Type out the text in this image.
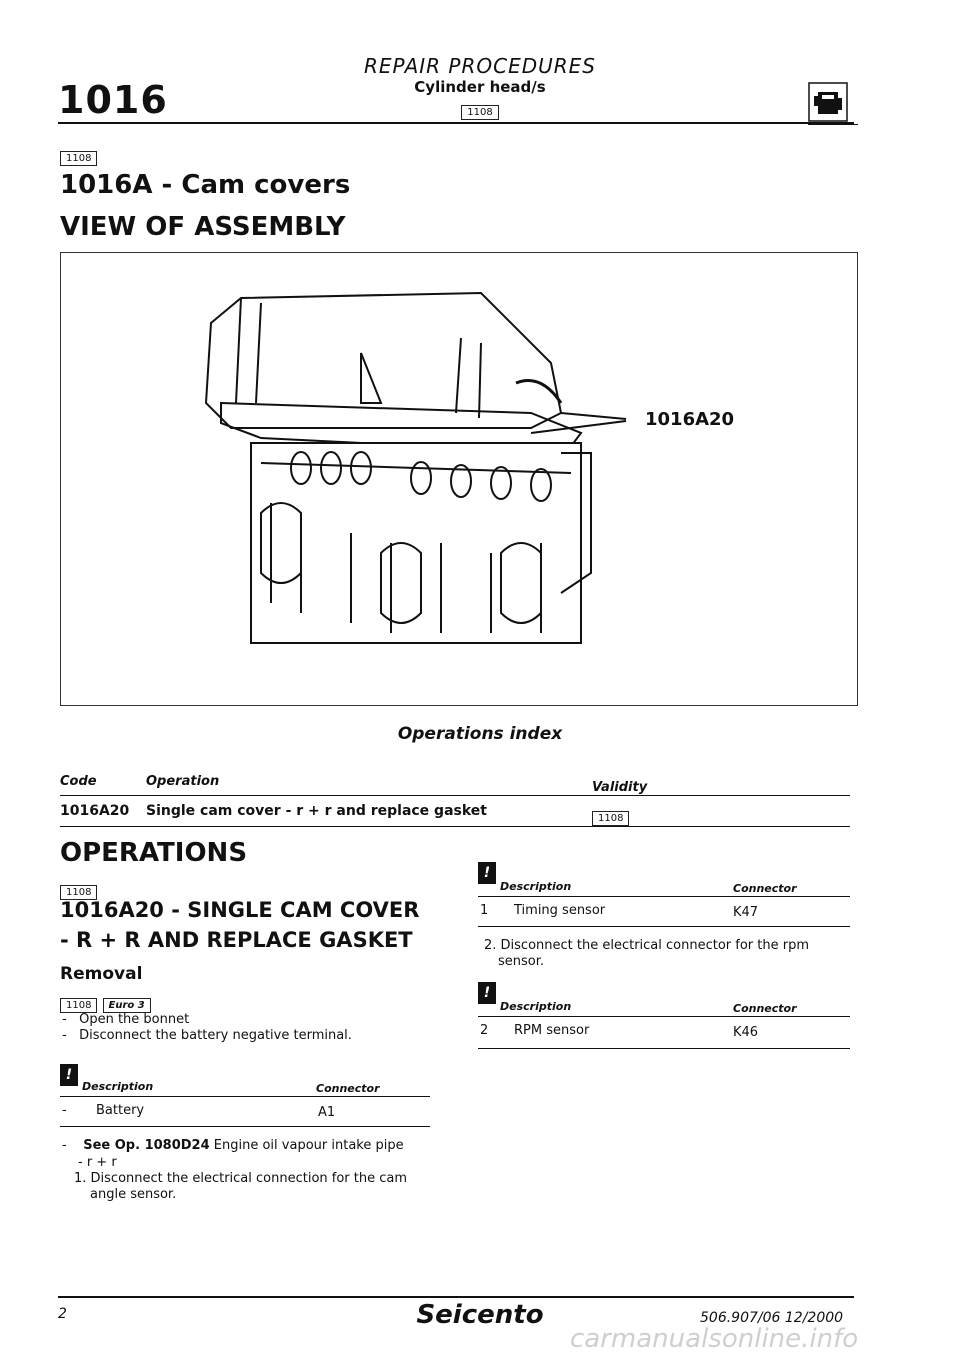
1016
REPAIR PROCEDURES
Cylinder head/s
1108
1108
1016A - Cam covers
VIEW OF ASSEMBLY
1016A20
Operations index
Code	Operation	Validity
1016A20 Single cam cover - r + r and replace gasket	1108
OPERATIONS
1108
1016A20 - SINGLE CAM COVER
- R + R AND REPLACE GASKET
Removal
1108 Euro 3
-   Open the bonnet
-   Disconnect the battery negative terminal.
!
Description	Connector
- Battery	A1
- See Op. 1080D24 Engine oil vapour intake pipe
- r + r
1. Disconnect the electrical connection for the cam
angle sensor.
!
Description	Connector
1 Timing sensor	K47
2. Disconnect the electrical connector for the rpm
sensor.
!
Description	Connector
2 RPM sensor	K46
2	Seicento	506.907/06 12/2000
carmanualsonline.info
